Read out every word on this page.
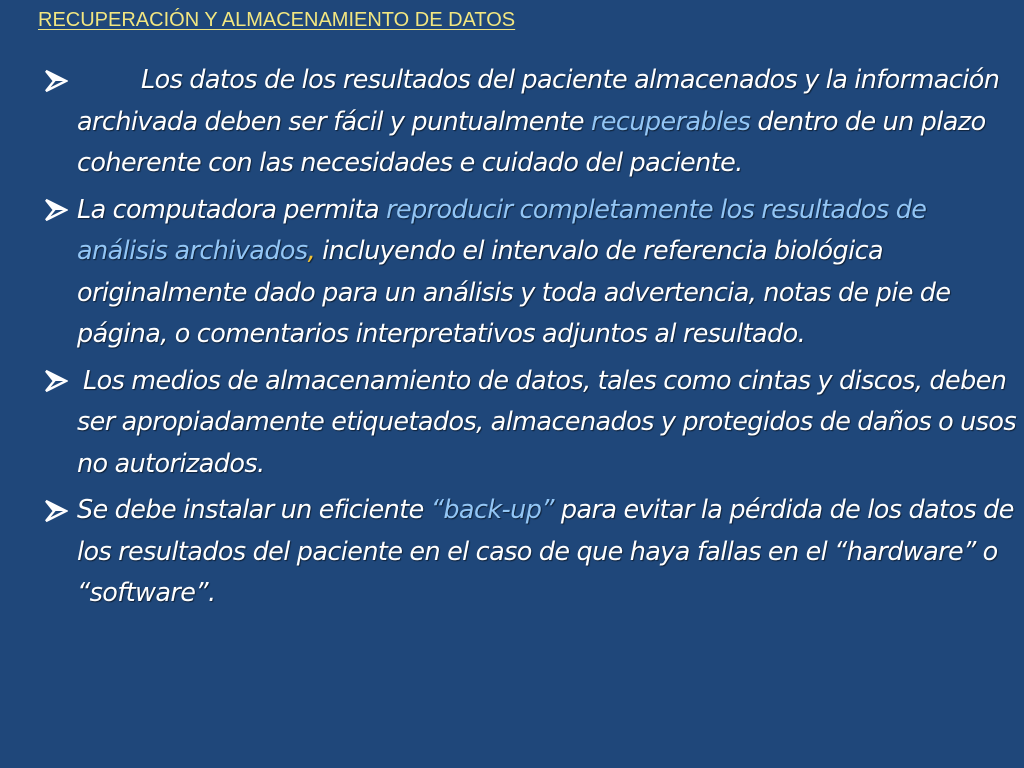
RECUPERACIÓN Y ALMACENAMIENTO DE DATOS
Los datos de los resultados del paciente almacenados y la información archivada deben ser fácil y puntualmente recuperables dentro de un plazo coherente con las necesidades e cuidado del paciente.
La computadora permita reproducir completamente los resultados de análisis archivados, incluyendo el intervalo de referencia biológica originalmente dado para un análisis y toda advertencia, notas de pie de página, o comentarios interpretativos adjuntos al resultado.
Los medios de almacenamiento de datos, tales como cintas y discos, deben ser apropiadamente etiquetados, almacenados y protegidos de daños o usos no autorizados.
Se debe instalar un eficiente “back-up” para evitar la pérdida de los datos de los resultados del paciente en el caso de que haya fallas en el “hardware” o “software”.
